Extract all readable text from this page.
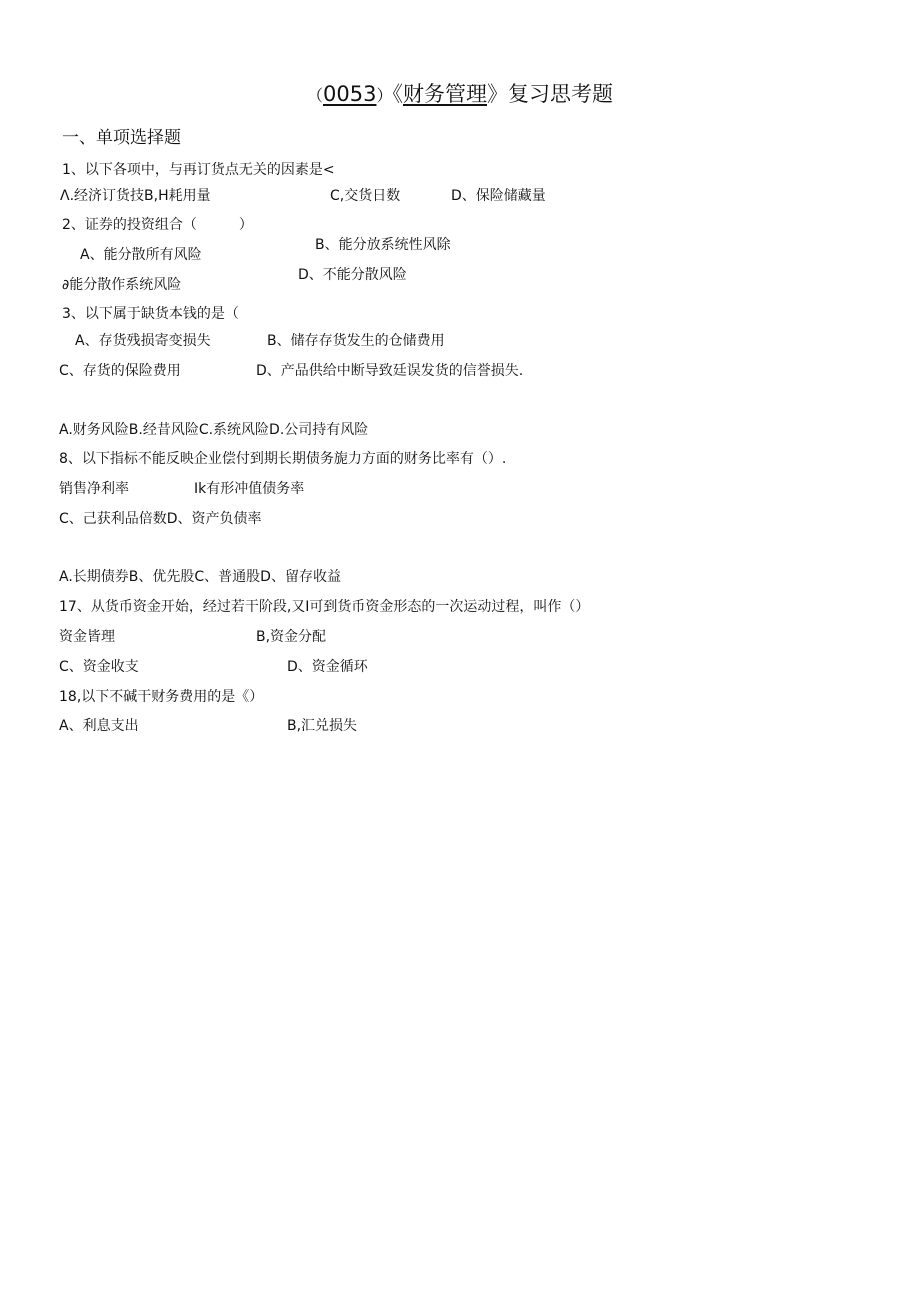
（0053）《财务管理》复习思考题
一、单项选择题
1、以下各项中，与再订货点无关的因素是<
Λ.经济订货技B,H耗用量	C,交货日数	D、保险储藏量
2、证券的投资组合（　　　）
A、能分散所有风险
B、能分放系统性风除
∂能分散作系统风险
D、不能分散风险
3、以下属于缺货本钱的是（
A、存货残损寄变损失	B、储存存货发生的仓储费用
C、存货的保险费用	D、产品供给中断导致廷误发货的信誉损失.
A.财务风险B.经昔风险C.系统风险D.公司持有风险
8、以下指标不能反映企业偿付到期长期债务旎力方面的财务比率有（）.
销售净利率	Ik有形冲值债务率
C、己获利品倍数D、资产负债率
A.长期债券B、优先股C、普通股D、留存收益
17、从货币资金开始，经过若干阶段,又I可到货币资金形态的一次运动过程，叫作（）
资金皆理	B,资金分配
C、资金收支	D、资金循环
18,以下不碱干财务费用的是《）
A、利息支出	B,汇兑损失
